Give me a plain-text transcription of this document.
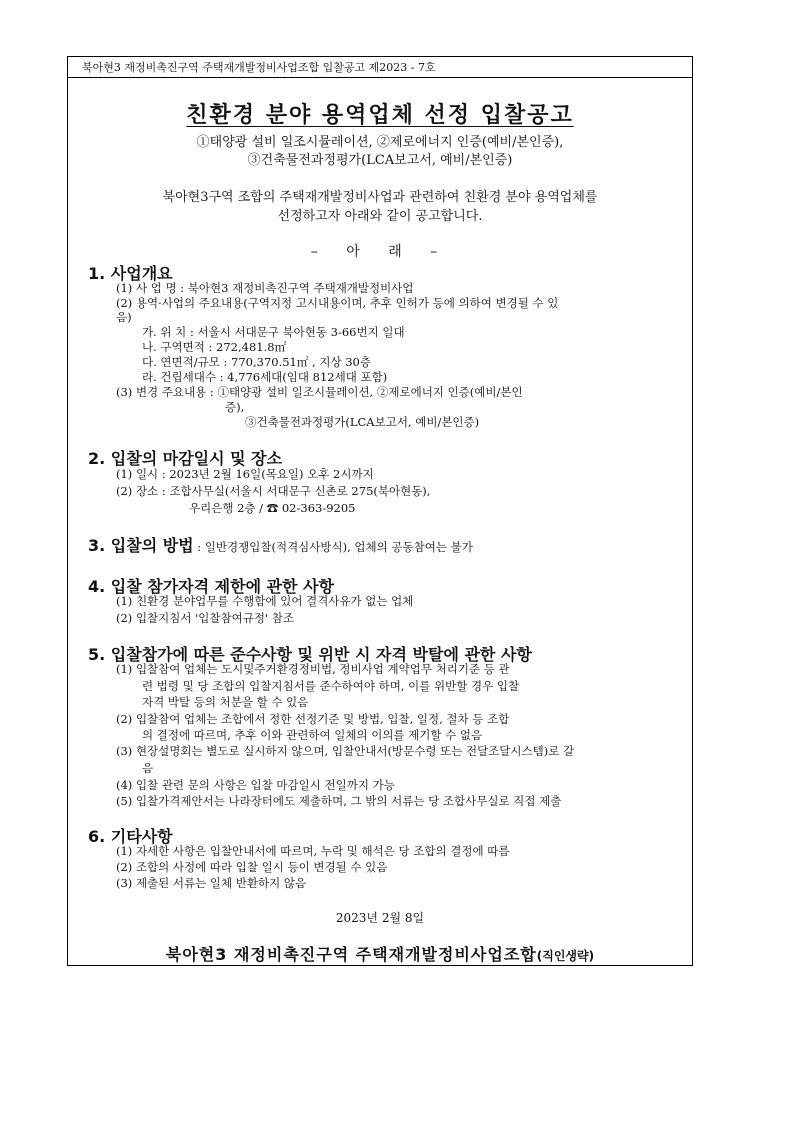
북아현3 재정비촉진구역 주택재개발정비사업조합 입찰공고 제2023 - 7호
친환경 분야 용역업체 선정 입찰공고
①태양광 설비 일조시뮬레이션, ②제로에너지 인증(예비/본인증),
③건축물전과정평가(LCA보고서, 예비/본인증)
북아현3구역 조합의 주택재개발정비사업과 관련하여 친환경 분야 용역업체를
선정하고자 아래와 같이 공고합니다.
– 아 래 –
1. 사업개요
(1) 사 업 명 : 북아현3 재정비촉진구역 주택재개발정비사업
(2) 용역·사업의 주요내용(구역지정 고시내용이며, 추후 인허가 등에 의하여 변경될 수 있
음)
가. 위 치 : 서울시 서대문구 북아현동 3-66번지 일대
나. 구역면적 : 272,481.8㎡
다. 연면적/규모 : 770,370.51㎡ , 지상 30층
라. 건립세대수 : 4,776세대(임대 812세대 포함)
(3) 변경 주요내용 : ①태양광 설비 일조시뮬레이션, ②제로에너지 인증(예비/본인
증),
③건축물전과정평가(LCA보고서, 예비/본인증)
2. 입찰의 마감일시 및 장소
(1) 일시 : 2023년 2월 16일(목요일) 오후 2시까지
(2) 장소 : 조합사무실(서울시 서대문구 신촌로 275(북아현동),
우리은행 2층 / ☎ 02-363-9205
3. 입찰의 방법 : 일반경쟁입찰(적격심사방식), 업체의 공동참여는 불가
4. 입찰 참가자격 제한에 관한 사항
(1) 친환경 분야업무를 수행함에 있어 결격사유가 없는 업체
(2) 입찰지침서 '입찰참여규정' 참조
5. 입찰참가에 따른 준수사항 및 위반 시 자격 박탈에 관한 사항
(1) 입찰참여 업체는 도시및주거환경정비법, 정비사업 계약업무 처리기준 등 관
련 법령 및 당 조합의 입찰지침서를 준수하여야 하며, 이를 위반할 경우 입찰
자격 박탈 등의 처분을 할 수 있음
(2) 입찰참여 업체는 조합에서 정한 선정기준 및 방법, 입찰, 일정, 절차 등 조합
의 결정에 따르며, 추후 이와 관련하여 일체의 이의를 제기할 수 없음
(3) 현장설명회는 별도로 실시하지 않으며, 입찰안내서(방문수령 또는 전달조달시스템)로 갈
음
(4) 입찰 관련 문의 사항은 입찰 마감일시 전일까지 가능
(5) 입찰가격제안서는 나라장터에도 제출하며, 그 밖의 서류는 당 조합사무실로 직접 제출
6. 기타사항
(1) 자세한 사항은 입찰안내서에 따르며, 누락 및 해석은 당 조합의 결정에 따름
(2) 조합의 사정에 따라 입찰 일시 등이 변경될 수 있음
(3) 제출된 서류는 일체 반환하지 않음
2023년 2월 8일
북아현3 재정비촉진구역 주택재개발정비사업조합(직인생략)
